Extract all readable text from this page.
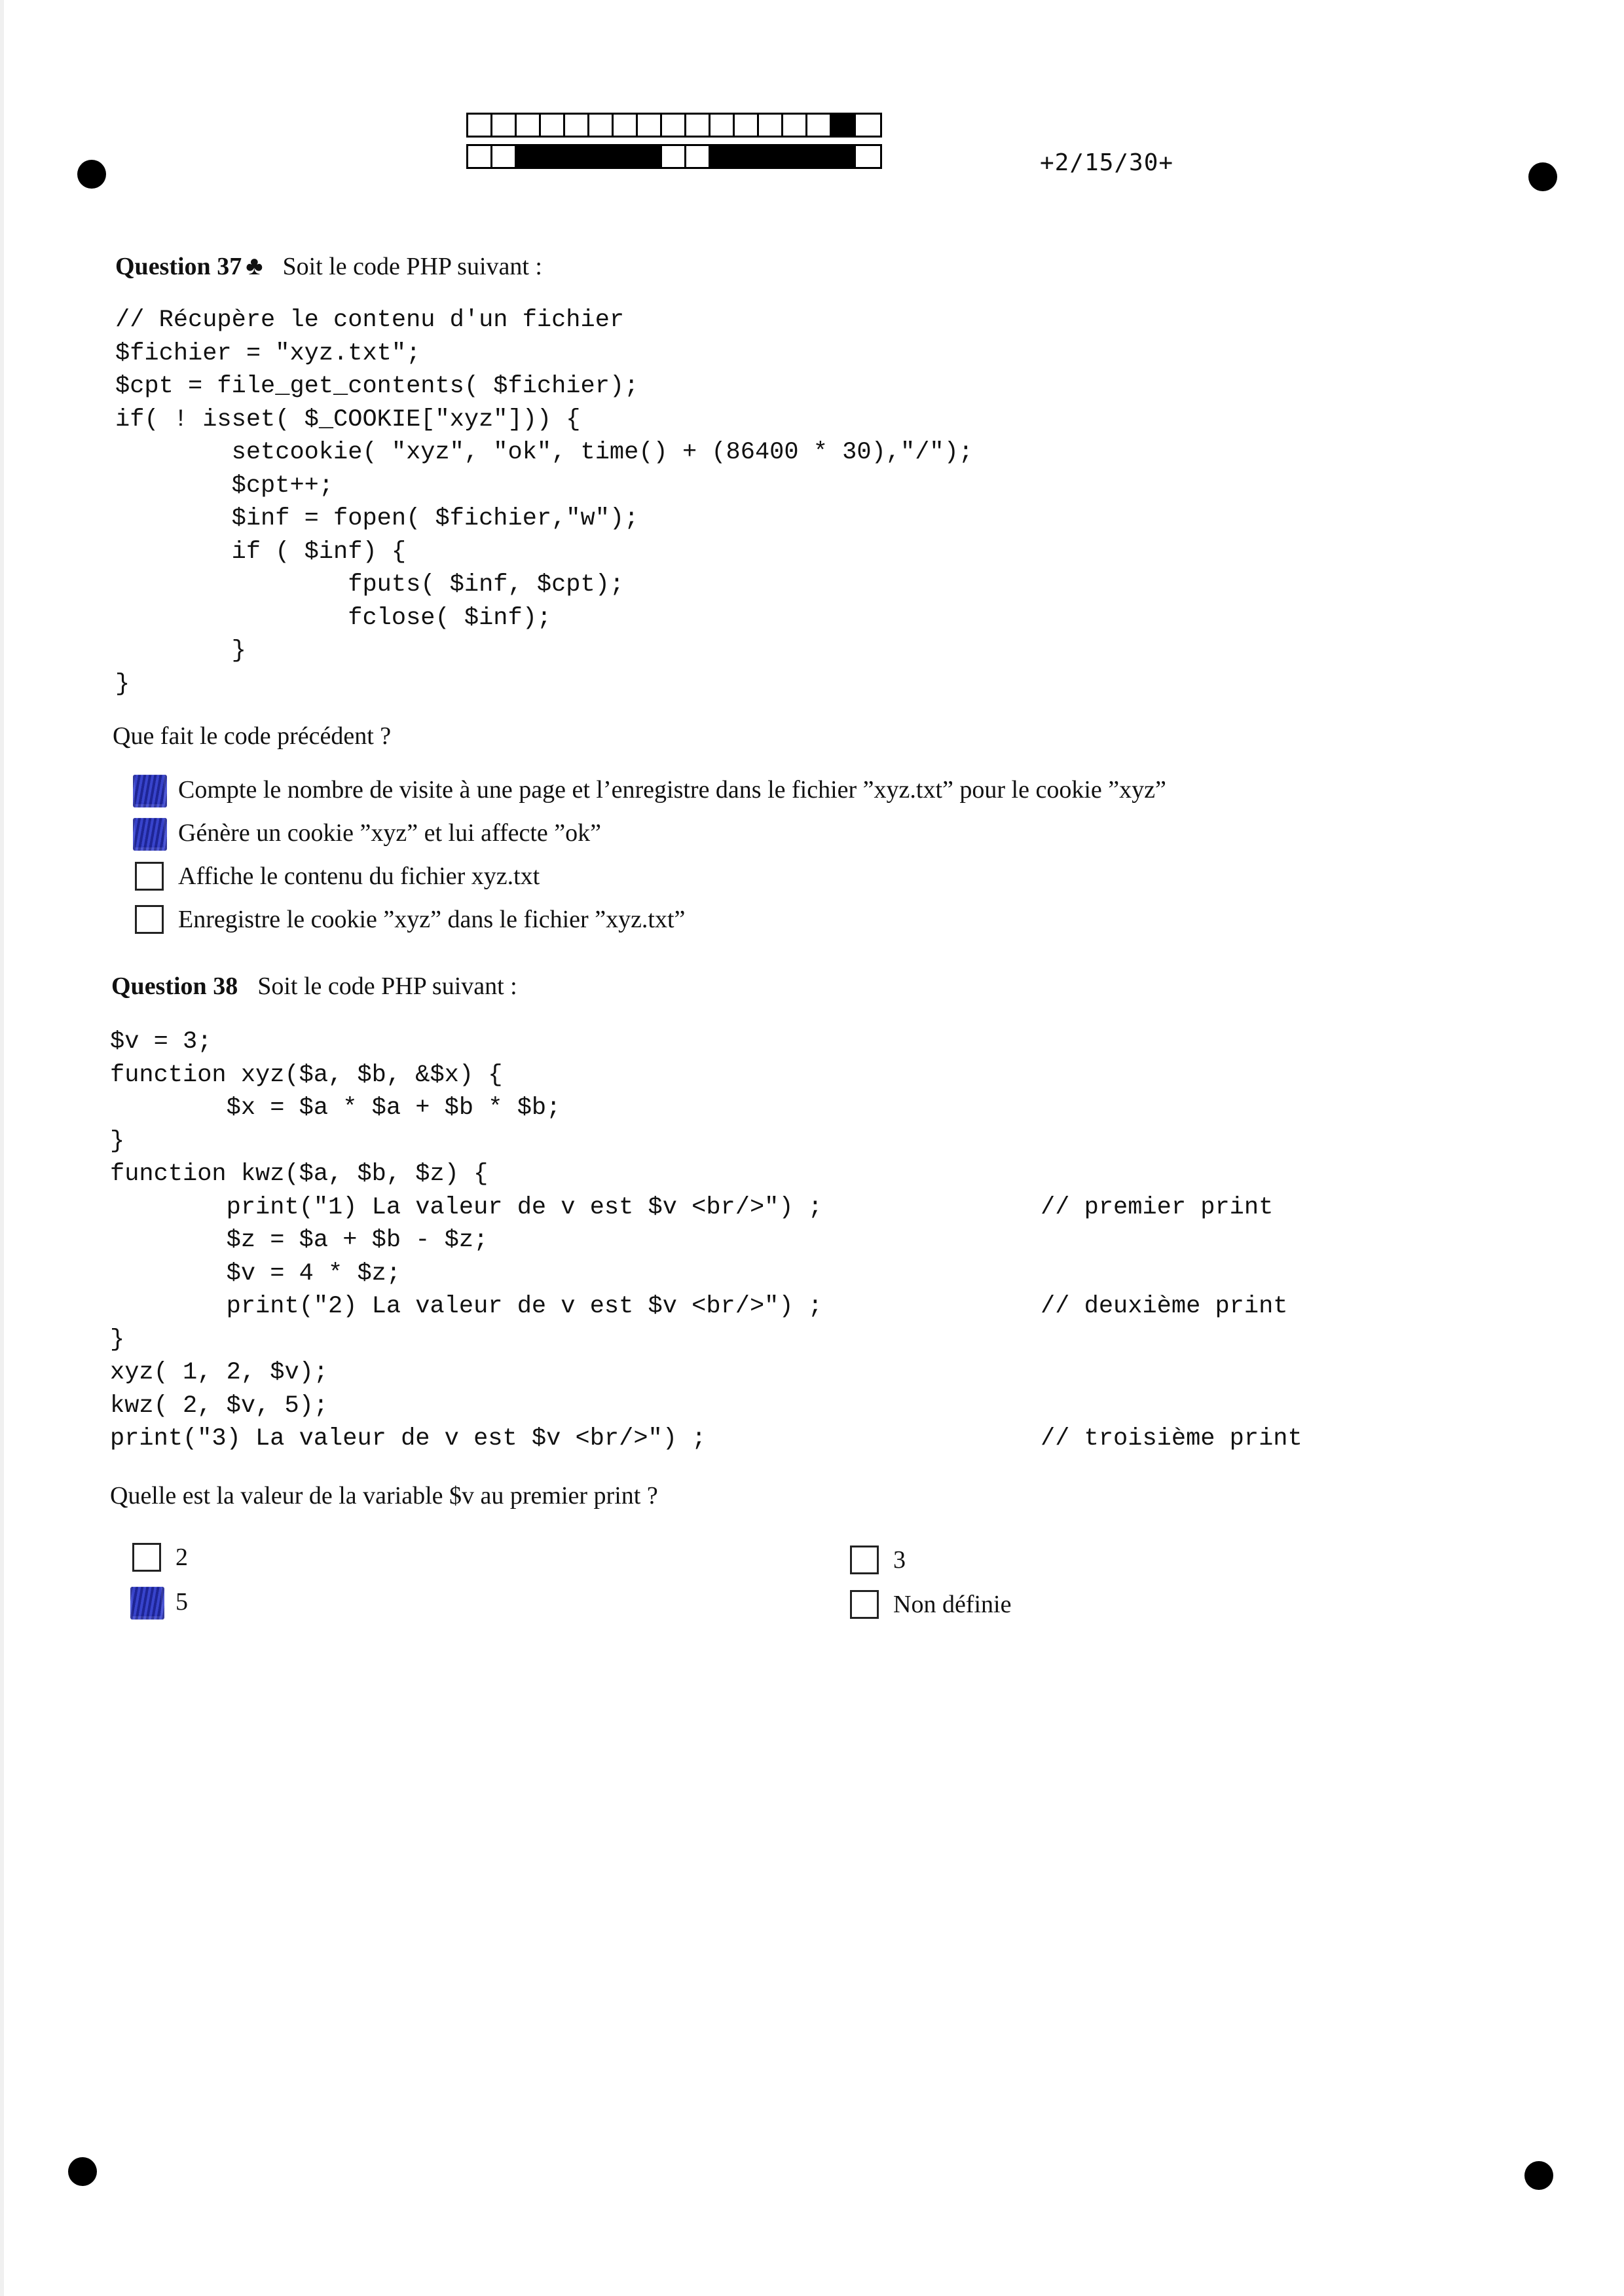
+2/15/30+
Question 37 ♣ Soit le code PHP suivant :
// Récupère le contenu d'un fichier
$fichier = "xyz.txt";
$cpt = file_get_contents( $fichier);
if( ! isset( $_COOKIE["xyz"])) {
setcookie( "xyz", "ok", time() + (86400 * 30),"/");
$cpt++;
$inf = fopen( $fichier,"w");
if ( $inf) {
fputs( $inf, $cpt);
fclose( $inf);
}
}
Que fait le code précédent ?
Compte le nombre de visite à une page et l’enregistre dans le fichier ”xyz.txt” pour le cookie ”xyz”
Génère un cookie ”xyz” et lui affecte ”ok”
Affiche le contenu du fichier xyz.txt
Enregistre le cookie ”xyz” dans le fichier ”xyz.txt”
Question 38 Soit le code PHP suivant :
$v = 3;
function xyz($a, $b, &$x) {
$x = $a * $a + $b * $b;
}
function kwz($a, $b, $z) {
print("1) La valeur de v est $v <br/>") ;               // premier print
$z = $a + $b - $z;
$v = 4 * $z;
print("2) La valeur de v est $v <br/>") ;               // deuxième print
}
xyz( 1, 2, $v);
kwz( 2, $v, 5);
print("3) La valeur de v est $v <br/>") ;                       // troisième print
Quelle est la valeur de la variable $v au premier print ?
2
5
3
Non définie
